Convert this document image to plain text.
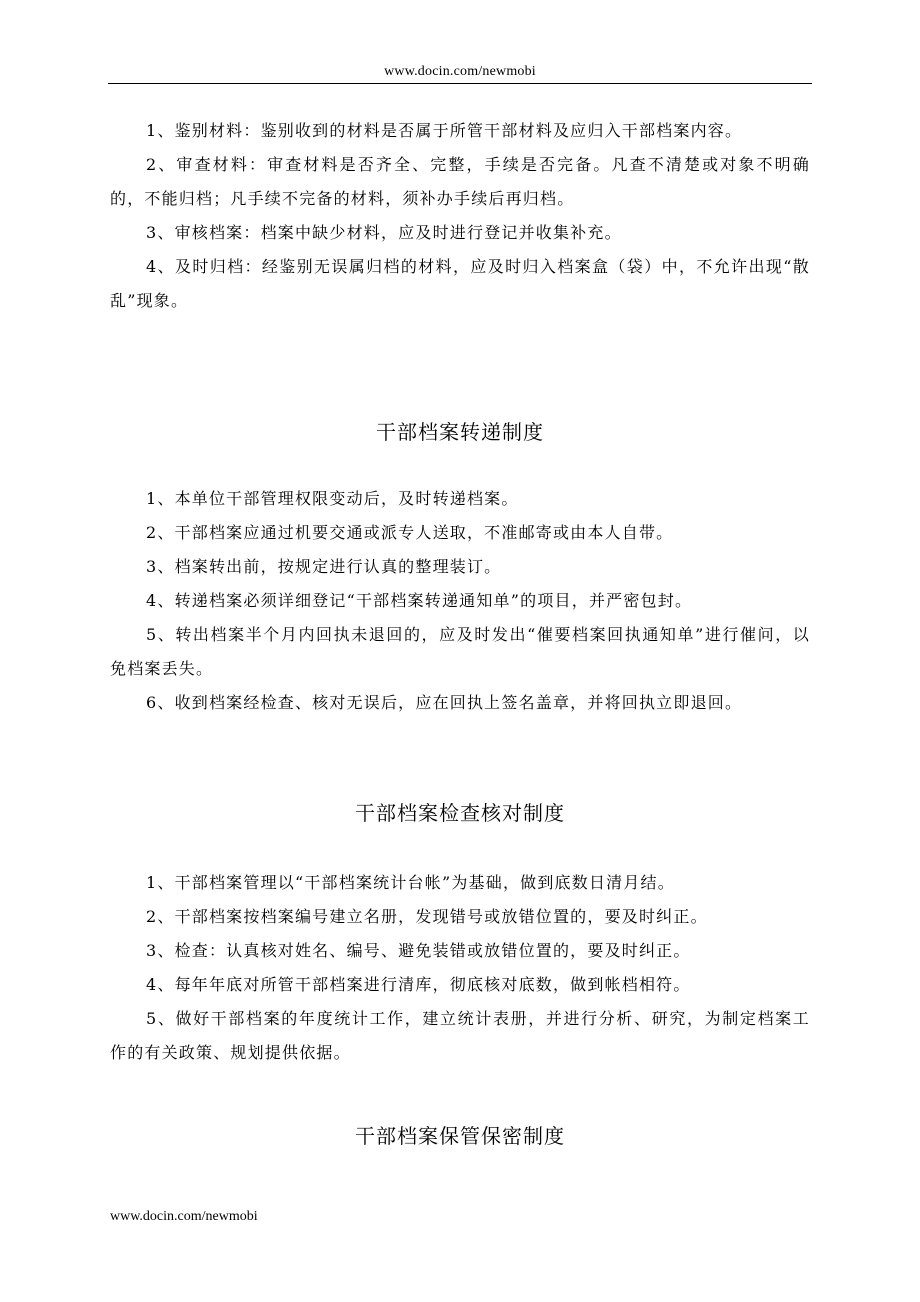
www.docin.com/newmobi

1、鉴别材料：鉴别收到的材料是否属于所管干部材料及应归入干部档案内容。

2、审查材料：审查材料是否齐全、完整，手续是否完备。凡查不清楚或对象不明确的，不能归档；凡手续不完备的材料，须补办手续后再归档。

3、审核档案：档案中缺少材料，应及时进行登记并收集补充。

4、及时归档：经鉴别无误属归档的材料，应及时归入档案盒（袋）中，不允许出现“散乱”现象。

干部档案转递制度

1、本单位干部管理权限变动后，及时转递档案。

2、干部档案应通过机要交通或派专人送取，不准邮寄或由本人自带。

3、档案转出前，按规定进行认真的整理装订。

4、转递档案必须详细登记“干部档案转递通知单”的项目，并严密包封。

5、转出档案半个月内回执未退回的，应及时发出“催要档案回执通知单”进行催问，以免档案丢失。

6、收到档案经检查、核对无误后，应在回执上签名盖章，并将回执立即退回。

干部档案检查核对制度

1、干部档案管理以“干部档案统计台帐”为基础，做到底数日清月结。

2、干部档案按档案编号建立名册，发现错号或放错位置的，要及时纠正。

3、检查：认真核对姓名、编号、避免装错或放错位置的，要及时纠正。

4、每年年底对所管干部档案进行清库，彻底核对底数，做到帐档相符。

5、做好干部档案的年度统计工作，建立统计表册，并进行分析、研究，为制定档案工作的有关政策、规划提供依据。

干部档案保管保密制度
www.docin.com/newmobi
